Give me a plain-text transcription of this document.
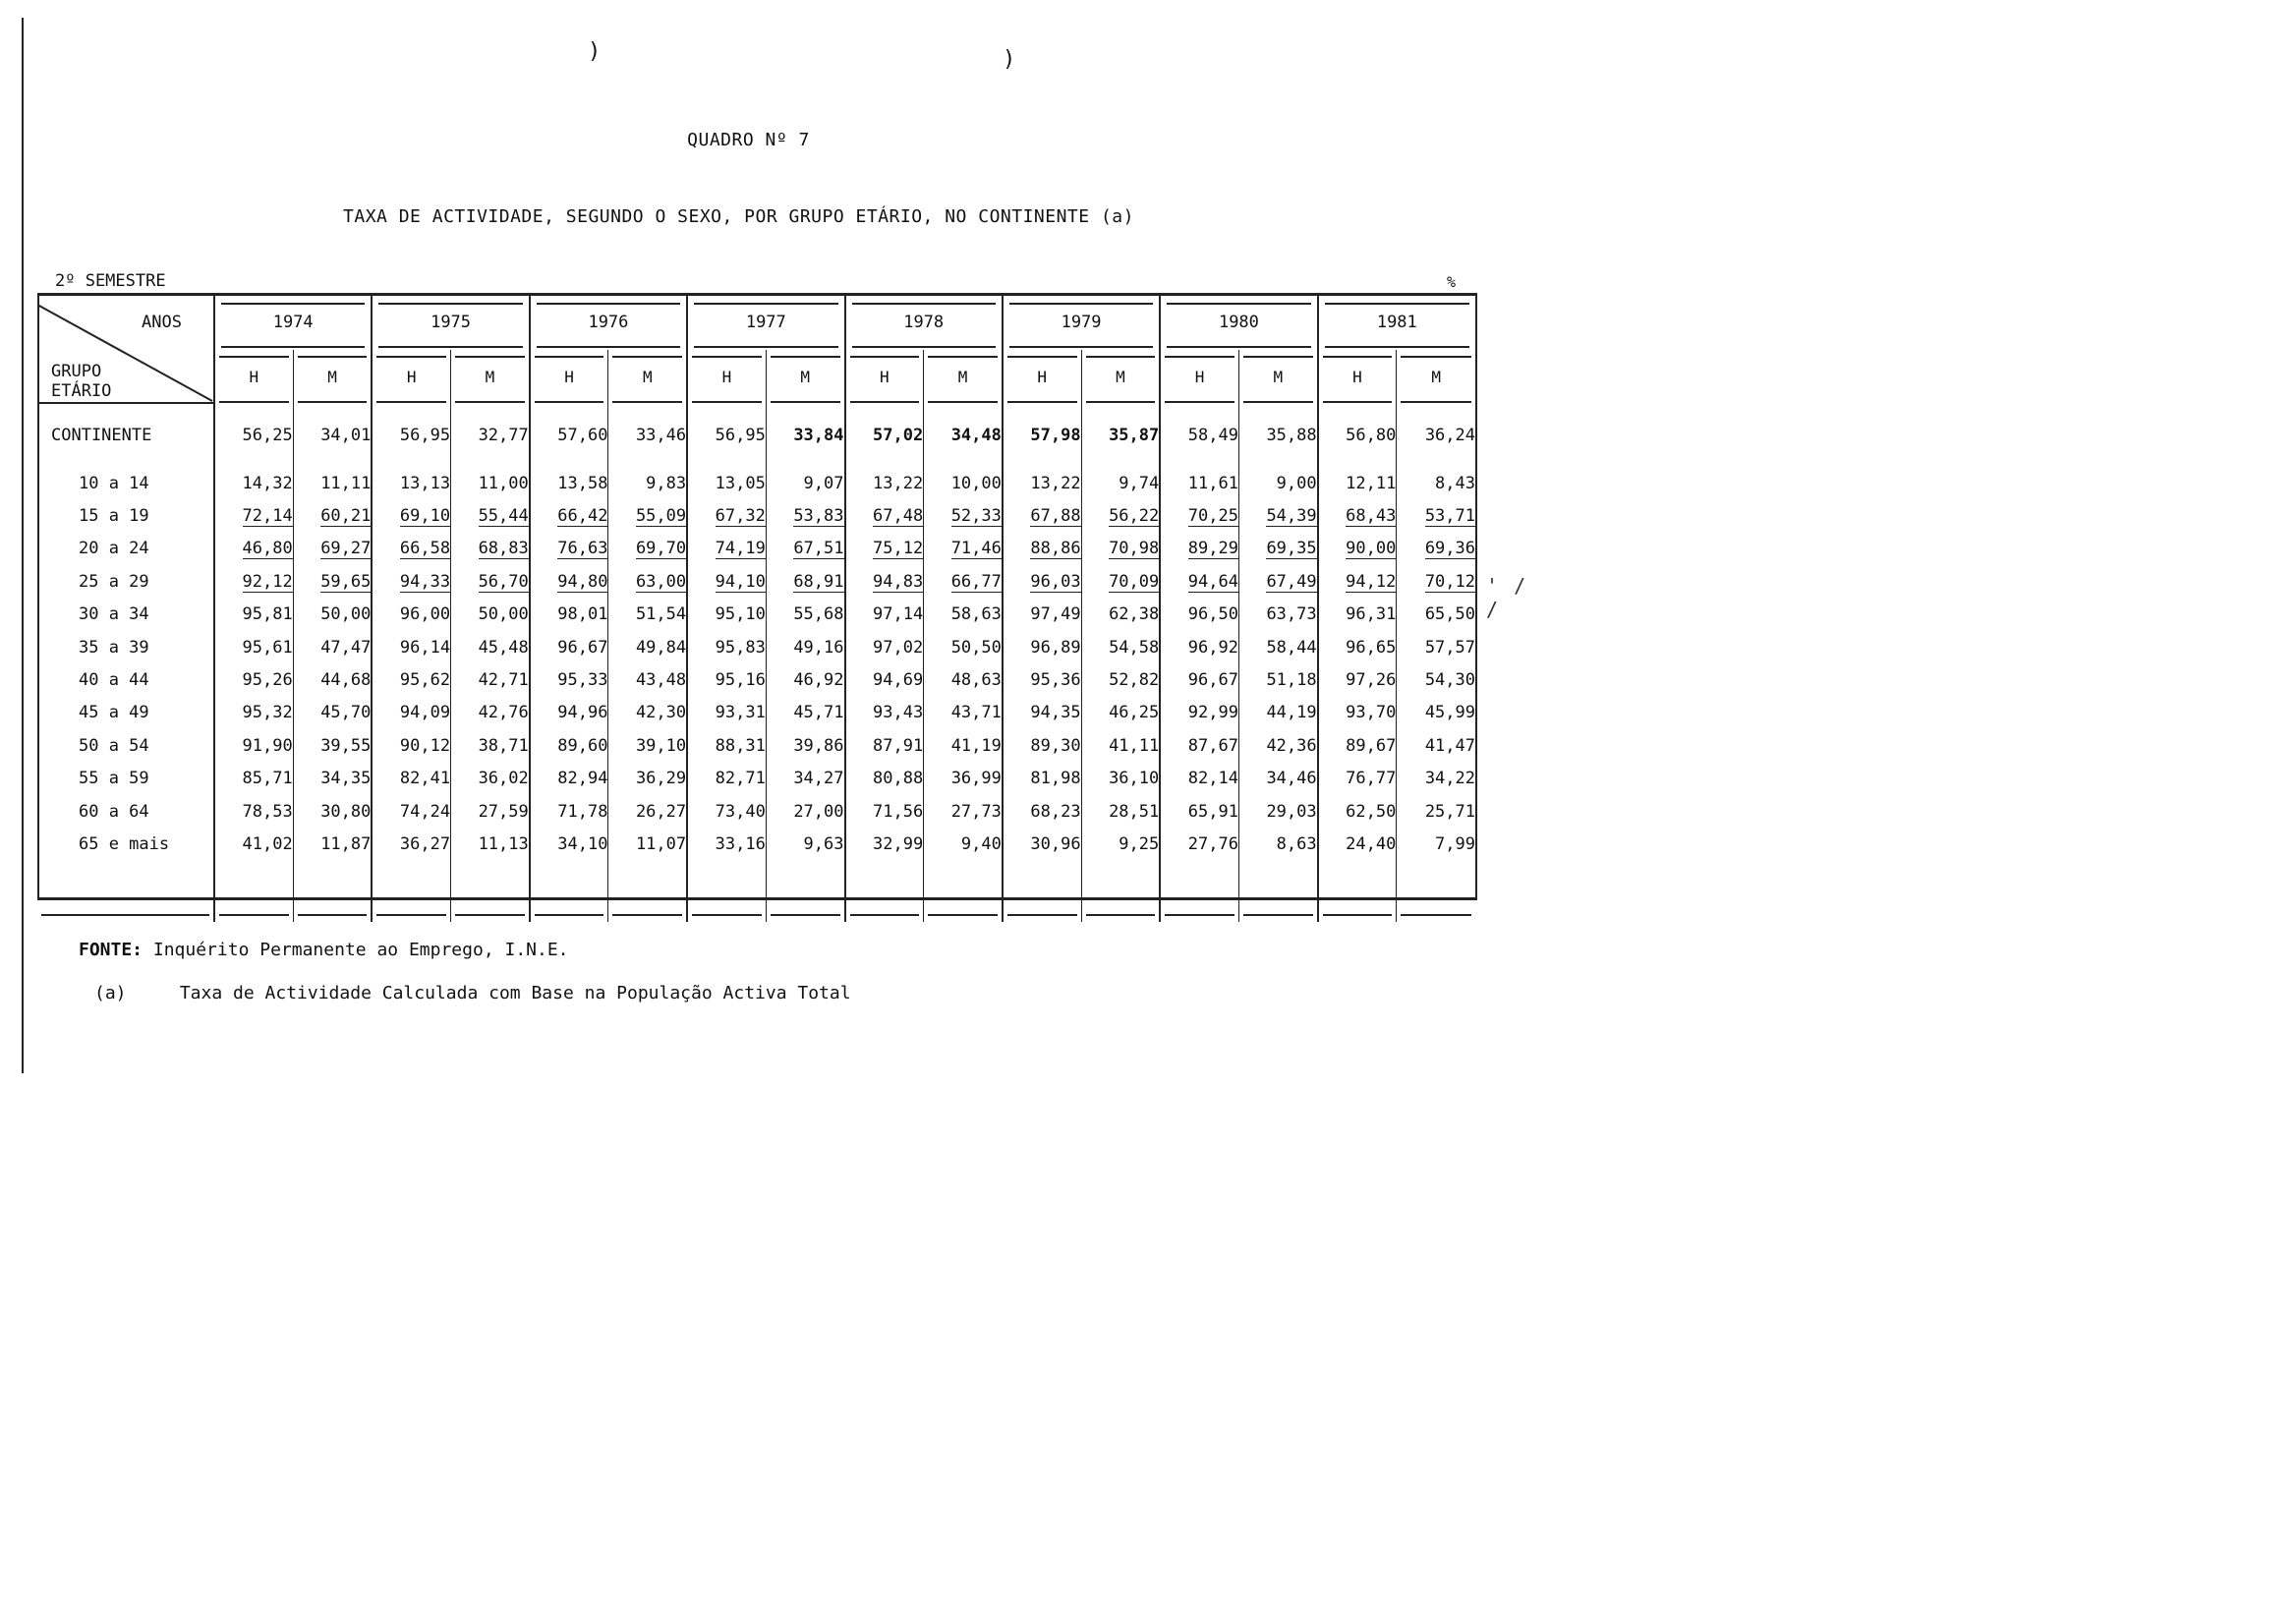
)	)
QUADRO Nº 7
TAXA DE ACTIVIDADE, SEGUNDO O SEXO, POR GRUPO ETÁRIO, NO CONTINENTE (a)
2º SEMESTRE	%
' / /
ANOS
GRUPO
ETÁRIO	1974		1975		1976		1977		1978		1979		1980		1981	
	H	M	H	M	H	M	H	M	H	M	H	M	H	M	H	M
CONTINENTE	56,25	34,01	56,95	32,77	57,60	33,46	56,95	33,84	57,02	34,48	57,98	35,87	58,49	35,88	56,80	36,24
10 a 14	14,32	11,11	13,13	11,00	13,58	9,83	13,05	9,07	13,22	10,00	13,22	9,74	11,61	9,00	12,11	8,43
15 a 19	72,14	60,21	69,10	55,44	66,42	55,09	67,32	53,83	67,48	52,33	67,88	56,22	70,25	54,39	68,43	53,71
20 a 24	46,80	69,27	66,58	68,83	76,63	69,70	74,19	67,51	75,12	71,46	88,86	70,98	89,29	69,35	90,00	69,36
25 a 29	92,12	59,65	94,33	56,70	94,80	63,00	94,10	68,91	94,83	66,77	96,03	70,09	94,64	67,49	94,12	70,12
30 a 34	95,81	50,00	96,00	50,00	98,01	51,54	95,10	55,68	97,14	58,63	97,49	62,38	96,50	63,73	96,31	65,50
35 a 39	95,61	47,47	96,14	45,48	96,67	49,84	95,83	49,16	97,02	50,50	96,89	54,58	96,92	58,44	96,65	57,57
40 a 44	95,26	44,68	95,62	42,71	95,33	43,48	95,16	46,92	94,69	48,63	95,36	52,82	96,67	51,18	97,26	54,30
45 a 49	95,32	45,70	94,09	42,76	94,96	42,30	93,31	45,71	93,43	43,71	94,35	46,25	92,99	44,19	93,70	45,99
50 a 54	91,90	39,55	90,12	38,71	89,60	39,10	88,31	39,86	87,91	41,19	89,30	41,11	87,67	42,36	89,67	41,47
55 a 59	85,71	34,35	82,41	36,02	82,94	36,29	82,71	34,27	80,88	36,99	81,98	36,10	82,14	34,46	76,77	34,22
60 a 64	78,53	30,80	74,24	27,59	71,78	26,27	73,40	27,00	71,56	27,73	68,23	28,51	65,91	29,03	62,50	25,71
65 e mais	41,02	11,87	36,27	11,13	34,10	11,07	33,16	9,63	32,99	9,40	30,96	9,25	27,76	8,63	24,40	7,99

FONTE: Inquérito Permanente ao Emprego, I.N.E.
(a)	Taxa de Actividade Calculada com Base na População Activa Total
